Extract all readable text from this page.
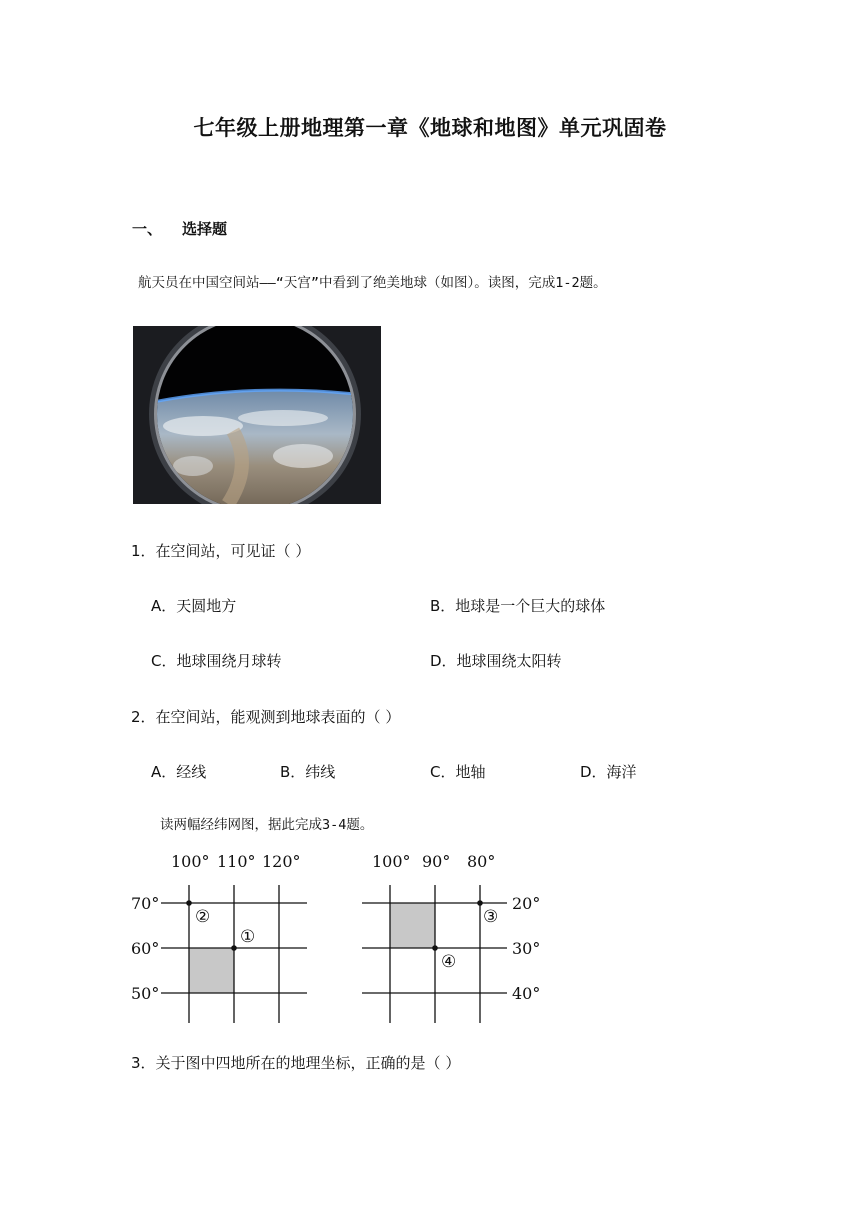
七年级上册地理第一章《地球和地图》单元巩固卷
一、 选择题
航天员在中国空间站——“天宫”中看到了绝美地球（如图）。读图，完成1-2题。
1．在空间站，可见证（ ）
A．天圆地方	B．地球是一个巨大的球体
C．地球围绕月球转	D．地球围绕太阳转
2．在空间站，能观测到地球表面的（ ）
A．经线	B．纬线	C．地轴	D．海洋
读两幅经纬网图，据此完成3-4题。
100° 110° 120°
70°
60°
50°
②
①
100° 90° 80°
20°
30°
40°
③
④
3．关于图中四地所在的地理坐标，正确的是（ ）
